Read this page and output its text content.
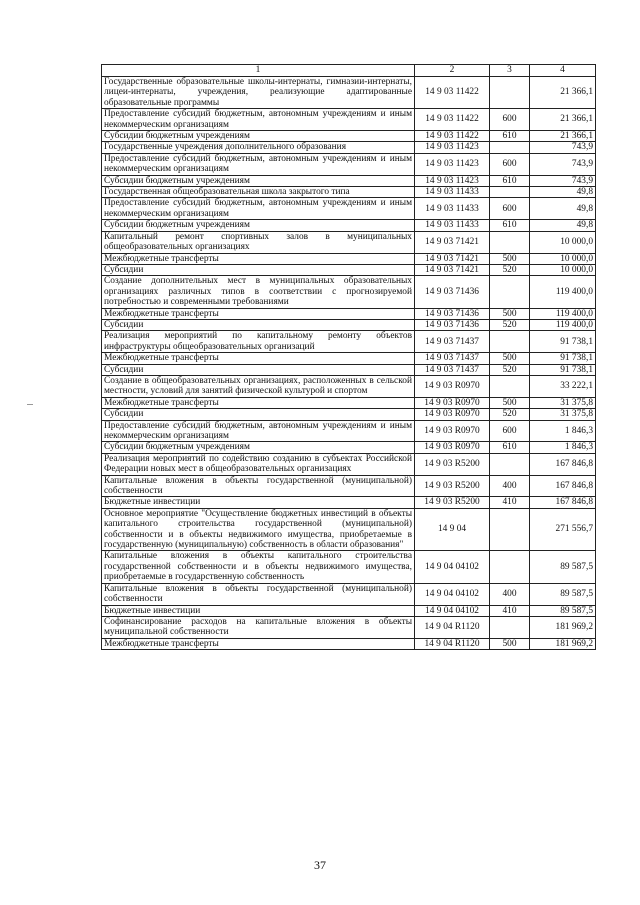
1	2	3	4
Государственные образовательные школы-интернаты, гимназии-интернаты, лицеи-интернаты, учреждения, реализующие адаптированные образовательные программы	14 9 03 11422		21 366,1
Предоставление субсидий бюджетным, автономным учреждениям и иным некоммерческим организациям	14 9 03 11422	600	21 366,1
Субсидии бюджетным учреждениям	14 9 03 11422	610	21 366,1
Государственные учреждения дополнительного образования	14 9 03 11423		743,9
Предоставление субсидий бюджетным, автономным учреждениям и иным некоммерческим организациям	14 9 03 11423	600	743,9
Субсидии бюджетным учреждениям	14 9 03 11423	610	743,9
Государственная общеобразовательная школа закрытого типа	14 9 03 11433		49,8
Предоставление субсидий бюджетным, автономным учреждениям и иным некоммерческим организациям	14 9 03 11433	600	49,8
Субсидии бюджетным учреждениям	14 9 03 11433	610	49,8
Капитальный ремонт спортивных залов в муниципальных общеобразовательных организациях	14 9 03 71421		10 000,0
Межбюджетные трансферты	14 9 03 71421	500	10 000,0
Субсидии	14 9 03 71421	520	10 000,0
Создание дополнительных мест в муниципальных образовательных организациях различных типов в соответствии с прогнозируемой потребностью и современными требованиями	14 9 03 71436		119 400,0
Межбюджетные трансферты	14 9 03 71436	500	119 400,0
Субсидии	14 9 03 71436	520	119 400,0
Реализация мероприятий по капитальному ремонту объектов инфраструктуры общеобразовательных организаций	14 9 03 71437		91 738,1
Межбюджетные трансферты	14 9 03 71437	500	91 738,1
Субсидии	14 9 03 71437	520	91 738,1
Создание в общеобразовательных организациях, расположенных в сельской местности, условий для занятий физической культурой и спортом	14 9 03 R0970		33 222,1
Межбюджетные трансферты	14 9 03 R0970	500	31 375,8
Субсидии	14 9 03 R0970	520	31 375,8
Предоставление субсидий бюджетным, автономным учреждениям и иным некоммерческим организациям	14 9 03 R0970	600	1 846,3
Субсидии бюджетным учреждениям	14 9 03 R0970	610	1 846,3
Реализация мероприятий по содействию созданию в субъектах Российской Федерации новых мест в общеобразовательных организациях	14 9 03 R5200		167 846,8
Капитальные вложения в объекты государственной (муниципальной) собственности	14 9 03 R5200	400	167 846,8
Бюджетные инвестиции	14 9 03 R5200	410	167 846,8
Основное мероприятие "Осуществление бюджетных инвестиций в объекты капитального строительства государственной (муниципальной) собственности и в объекты недвижимого имущества, приобретаемые в государственную (муниципальную) собственность в области образования"	14 9 04		271 556,7
Капитальные вложения в объекты капитального строительства государственной собственности и в объекты недвижимого имущества, приобретаемые в государственную собственность	14 9 04 04102		89 587,5
Капитальные вложения в объекты государственной (муниципальной) собственности	14 9 04 04102	400	89 587,5
Бюджетные инвестиции	14 9 04 04102	410	89 587,5
Софинансирование расходов на капитальные вложения в объекты муниципальной собственности	14 9 04 R1120		181 969,2
Межбюджетные трансферты	14 9 04 R1120	500	181 969,2
37
